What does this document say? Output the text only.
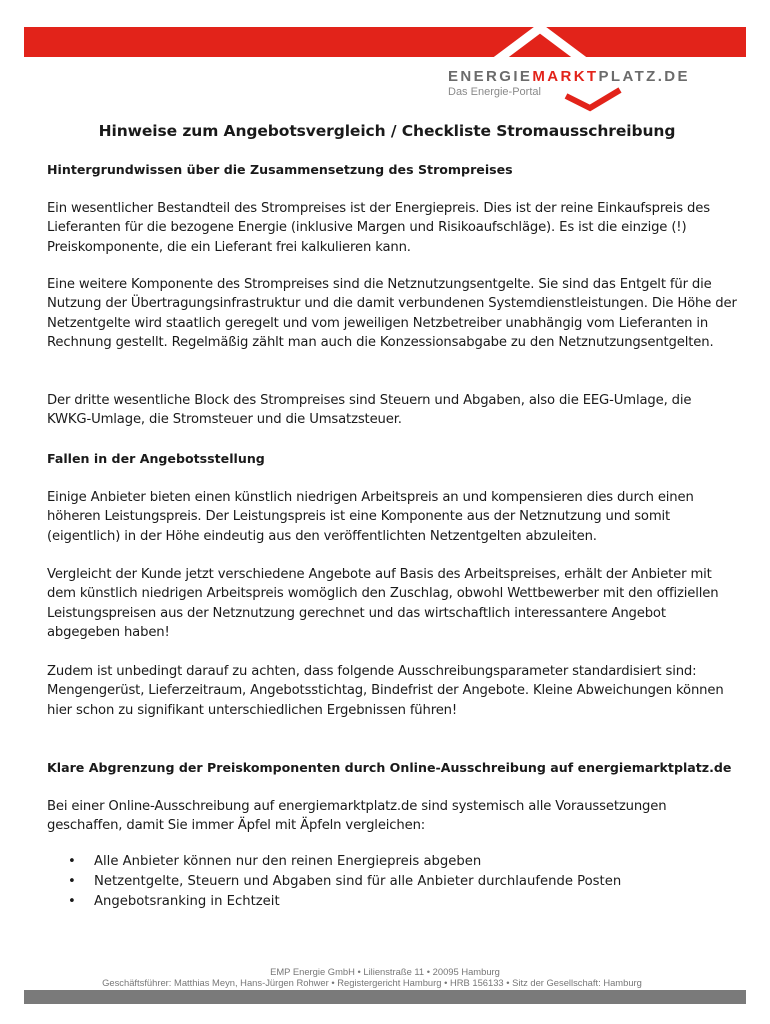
ENERGIEMARKTPLATZ.DE
Das Energie-Portal
Hinweise zum Angebotsvergleich / Checkliste Stromausschreibung
Hintergrundwissen über die Zusammensetzung des Strompreises

Ein wesentlicher Bestandteil des Strompreises ist der Energiepreis. Dies ist der reine Einkaufspreis des Lieferanten für die bezogene Energie (inklusive Margen und Risikoaufschläge). Es ist die einzige (!) Preiskomponente, die ein Lieferant frei kalkulieren kann.

Eine weitere Komponente des Strompreises sind die Netznutzungsentgelte. Sie sind das Entgelt für die Nutzung der Übertragungsinfrastruktur und die damit verbundenen Systemdienstleistungen. Die Höhe der Netzentgelte wird staatlich geregelt und vom jeweiligen Netzbetreiber unabhängig vom Lieferanten in Rechnung gestellt. Regelmäßig zählt man auch die Konzessionsabgabe zu den Netznutzungsentgelten.

Der dritte wesentliche Block des Strompreises sind Steuern und Abgaben, also die EEG-Umlage, die KWKG-Umlage, die Stromsteuer und die Umsatzsteuer.

Fallen in der Angebotsstellung

Einige Anbieter bieten einen künstlich niedrigen Arbeitspreis an und kompensieren dies durch einen höheren Leistungspreis. Der Leistungspreis ist eine Komponente aus der Netznutzung und somit (eigentlich) in der Höhe eindeutig aus den veröffentlichten Netzentgelten abzuleiten.

Vergleicht der Kunde jetzt verschiedene Angebote auf Basis des Arbeitspreises, erhält der Anbieter mit dem künstlich niedrigen Arbeitspreis womöglich den Zuschlag, obwohl Wettbewerber mit den offiziellen Leistungspreisen aus der Netznutzung gerechnet und das wirtschaftlich interessantere Angebot abgegeben haben!

Zudem ist unbedingt darauf zu achten, dass folgende Ausschreibungsparameter standardisiert sind: Mengengerüst, Lieferzeitraum, Angebotsstichtag, Bindefrist der Angebote. Kleine Abweichungen können hier schon zu signifikant unterschiedlichen Ergebnissen führen!

Klare Abgrenzung der Preiskomponenten durch Online-Ausschreibung auf energiemarktplatz.de

Bei einer Online-Ausschreibung auf energiemarktplatz.de sind systemisch alle Voraussetzungen geschaffen, damit Sie immer Äpfel mit Äpfeln vergleichen:

• Alle Anbieter können nur den reinen Energiepreis abgeben
• Netzentgelte, Steuern und Abgaben sind für alle Anbieter durchlaufende Posten
• Angebotsranking in Echtzeit
EMP Energie GmbH • Lilienstraße 11 • 20095 Hamburg
Geschäftsführer: Matthias Meyn, Hans-Jürgen Rohwer • Registergericht Hamburg • HRB 156133 • Sitz der Gesellschaft: Hamburg
